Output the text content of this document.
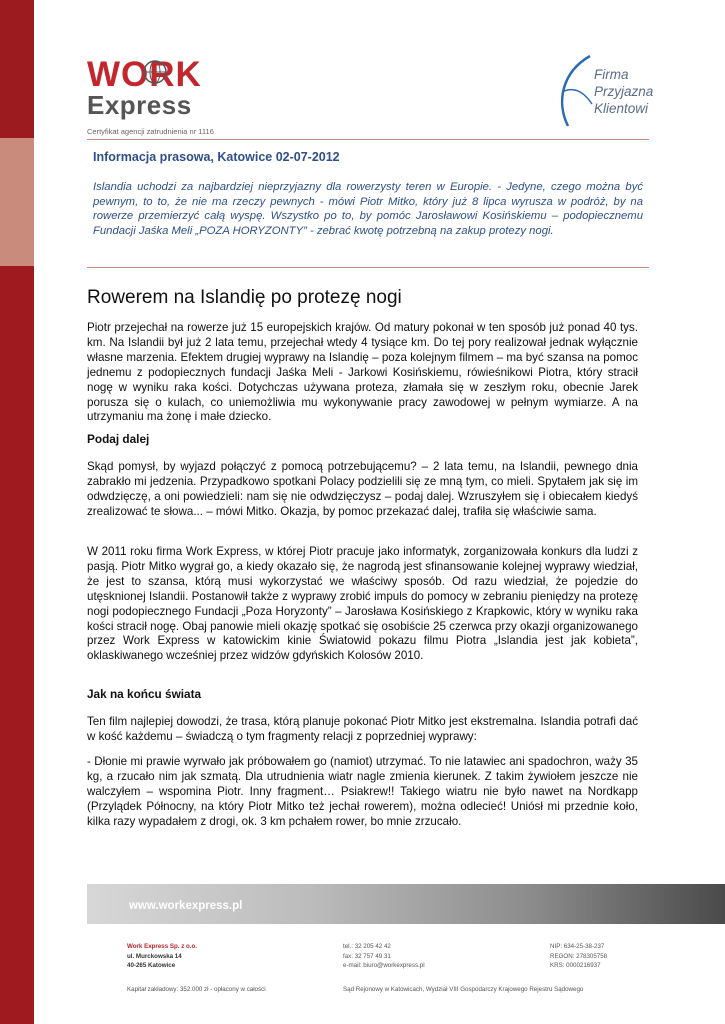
WORK
Express
Certyfikat agencji zatrudnienia nr 1116
Firma
Przyjazna
Klientowi
Informacja prasowa, Katowice 02-07-2012
Islandia uchodzi za najbardziej nieprzyjazny dla rowerzysty teren w Europie. - Jedyne, czego można być pewnym, to to, że nie ma rzeczy pewnych - mówi Piotr Mitko, który już 8 lipca wyrusza w podróż, by na rowerze przemierzyć całą wyspę. Wszystko po to, by pomóc Jarosławowi Kosińskiemu – podopiecznemu Fundacji Jaśka Meli „POZA HORYZONTY” - zebrać kwotę potrzebną na zakup protezy nogi.
Rowerem na Islandię po protezę nogi
Piotr przejechał na rowerze już 15 europejskich krajów. Od matury pokonał w ten sposób już ponad 40 tys. km. Na Islandii był już 2 lata temu, przejechał wtedy 4 tysiące km. Do tej pory realizował jednak wyłącznie własne marzenia. Efektem drugiej wyprawy na Islandię – poza kolejnym filmem – ma być szansa na pomoc jednemu z podopiecznych fundacji Jaśka Meli - Jarkowi Kosińskiemu, rówieśnikowi Piotra, który stracił nogę w wyniku raka kości. Dotychczas używana proteza, złamała się w zeszłym roku, obecnie Jarek porusza się o kulach, co uniemożliwia mu wykonywanie pracy zawodowej w pełnym wymiarze. A na utrzymaniu ma żonę i małe dziecko.
Podaj dalej
Skąd pomysł, by wyjazd połączyć z pomocą potrzebującemu? – 2 lata temu, na Islandii, pewnego dnia zabrakło mi jedzenia. Przypadkowo spotkani Polacy podzielili się ze mną tym, co mieli. Spytałem jak się im odwdzięczę, a oni powiedzieli: nam się nie odwdzięczysz – podaj dalej. Wzruszyłem się i obiecałem kiedyś zrealizować te słowa... – mówi Mitko. Okazja, by pomoc przekazać dalej, trafiła się właściwie sama.
W 2011 roku firma Work Express, w której Piotr pracuje jako informatyk, zorganizowała konkurs dla ludzi z pasją. Piotr Mitko wygrał go, a kiedy okazało się, że nagrodą jest sfinansowanie kolejnej wyprawy wiedział, że jest to szansa, którą musi wykorzystać we właściwy sposób. Od razu wiedział, że pojedzie do utęsknionej Islandii. Postanowił także z wyprawy zrobić impuls do pomocy w zebraniu pieniędzy na protezę nogi podopiecznego Fundacji „Poza Horyzonty” – Jarosława Kosińskiego z Krapkowic, który w wyniku raka kości stracił nogę. Obaj panowie mieli okazję spotkać się osobiście 25 czerwca przy okazji organizowanego przez Work Express w katowickim kinie Światowid pokazu filmu Piotra „Islandia jest jak kobieta”, oklaskiwanego wcześniej przez widzów gdyńskich Kolosów 2010.
Jak na końcu świata
Ten film najlepiej dowodzi, że trasa, którą planuje pokonać Piotr Mitko jest ekstremalna. Islandia potrafi dać w kość każdemu – świadczą o tym fragmenty relacji z poprzedniej wyprawy:
- Dłonie mi prawie wyrwało jak próbowałem go (namiot) utrzymać. To nie latawiec ani spadochron, waży 35 kg, a rzucało nim jak szmatą. Dla utrudnienia wiatr nagle zmienia kierunek. Z takim żywiołem jeszcze nie walczyłem – wspomina Piotr. Inny fragment… Psiakrew!! Takiego wiatru nie było nawet na Nordkapp (Przylądek Północny, na który Piotr Mitko też jechał rowerem), można odlecieć! Uniósł mi przednie koło, kilka razy wypadałem z drogi, ok. 3 km pchałem rower, bo mnie zrzucało.
www.workexpress.pl
Work Express Sp. z o.o.
ul. Murckowska 14
40-265 Katowice
tel.: 32 205 42 42
fax: 32 757 49 31
e-mail: biuro@workexpress.pl
NIP: 634-25-38-237
REGON: 278305758
KRS: 0000216937
Kapitał zakładowy: 352.000 zł - opłacony w całości	Sąd Rejonowy w Katowicach, Wydział VIII Gospodarczy Krajowego Rejestru Sądowego
